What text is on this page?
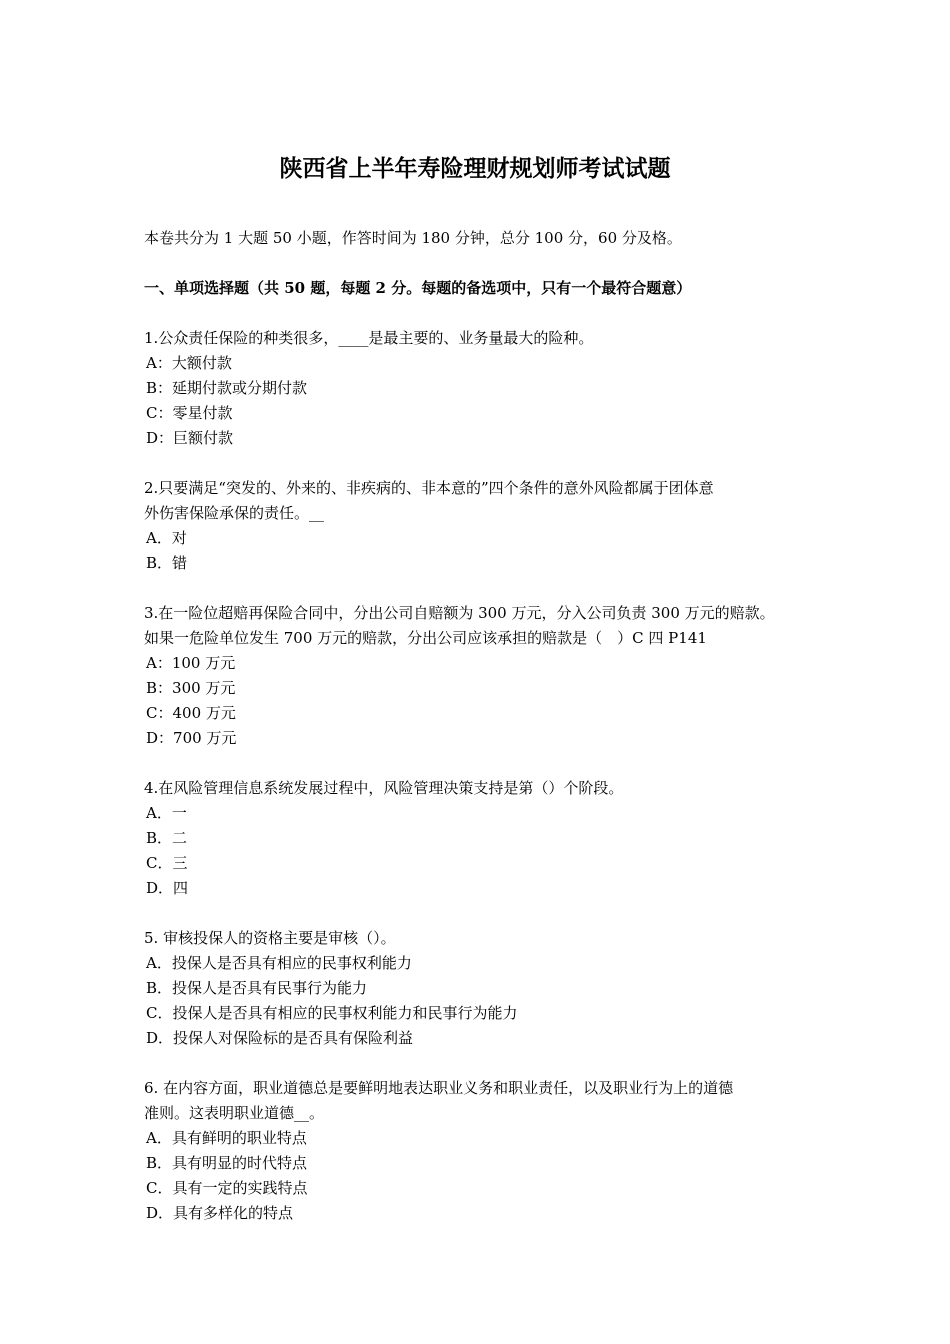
陕西省上半年寿险理财规划师考试试题

本卷共分为 1 大题 50 小题，作答时间为 180 分钟，总分 100 分，60 分及格。

一、单项选择题（共 50 题，每题 2 分。每题的备选项中，只有一个最符合题意）

1.公众责任保险的种类很多，____是最主要的、业务量最大的险种。

A：大额付款
B：延期付款或分期付款
C：零星付款
D：巨额付款

2.只要满足“突发的、外来的、非疾病的、非本意的”四个条件的意外风险都属于团体意
外伤害保险承保的责任。__

A．对
B．错

3.在一险位超赔再保险合同中，分出公司自赔额为 300 万元，分入公司负责 300 万元的赔款。
如果一危险单位发生 700 万元的赔款，分出公司应该承担的赔款是（　）C 四 P141

A：100 万元
B：300 万元
C：400 万元
D：700 万元

4.在风险管理信息系统发展过程中，风险管理决策支持是第（）个阶段。

A．一
B．二
C．三
D．四

5. 审核投保人的资格主要是审核（）。

A．投保人是否具有相应的民事权利能力
B．投保人是否具有民事行为能力
C．投保人是否具有相应的民事权利能力和民事行为能力
D．投保人对保险标的是否具有保险利益

6. 在内容方面，职业道德总是要鲜明地表达职业义务和职业责任，以及职业行为上的道德
准则。这表明职业道德__。

A．具有鲜明的职业特点
B．具有明显的时代特点
C．具有一定的实践特点
D．具有多样化的特点
